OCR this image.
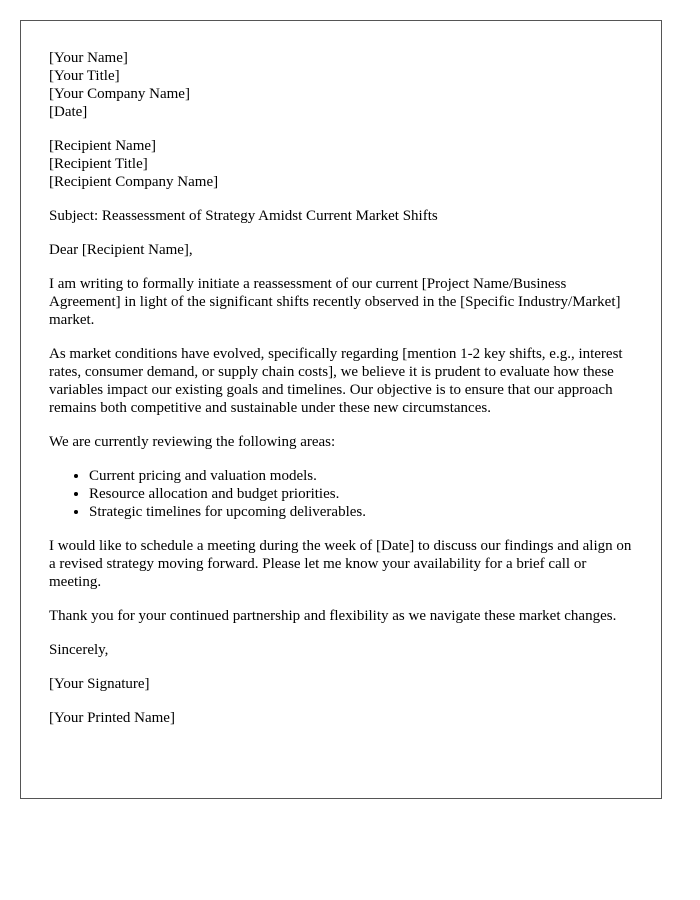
[Your Name]
[Your Title]
[Your Company Name]
[Date]

[Recipient Name]
[Recipient Title]
[Recipient Company Name]

Subject: Reassessment of Strategy Amidst Current Market Shifts

Dear [Recipient Name],

I am writing to formally initiate a reassessment of our current [Project Name/Business Agreement] in light of the significant shifts recently observed in the [Specific Industry/Market] market.

As market conditions have evolved, specifically regarding [mention 1-2 key shifts, e.g., interest rates, consumer demand, or supply chain costs], we believe it is prudent to evaluate how these variables impact our existing goals and timelines. Our objective is to ensure that our approach remains both competitive and sustainable under these new circumstances.

We are currently reviewing the following areas:

• Current pricing and valuation models.
• Resource allocation and budget priorities.
• Strategic timelines for upcoming deliverables.

I would like to schedule a meeting during the week of [Date] to discuss our findings and align on a revised strategy moving forward. Please let me know your availability for a brief call or meeting.

Thank you for your continued partnership and flexibility as we navigate these market changes.

Sincerely,

[Your Signature]

[Your Printed Name]
